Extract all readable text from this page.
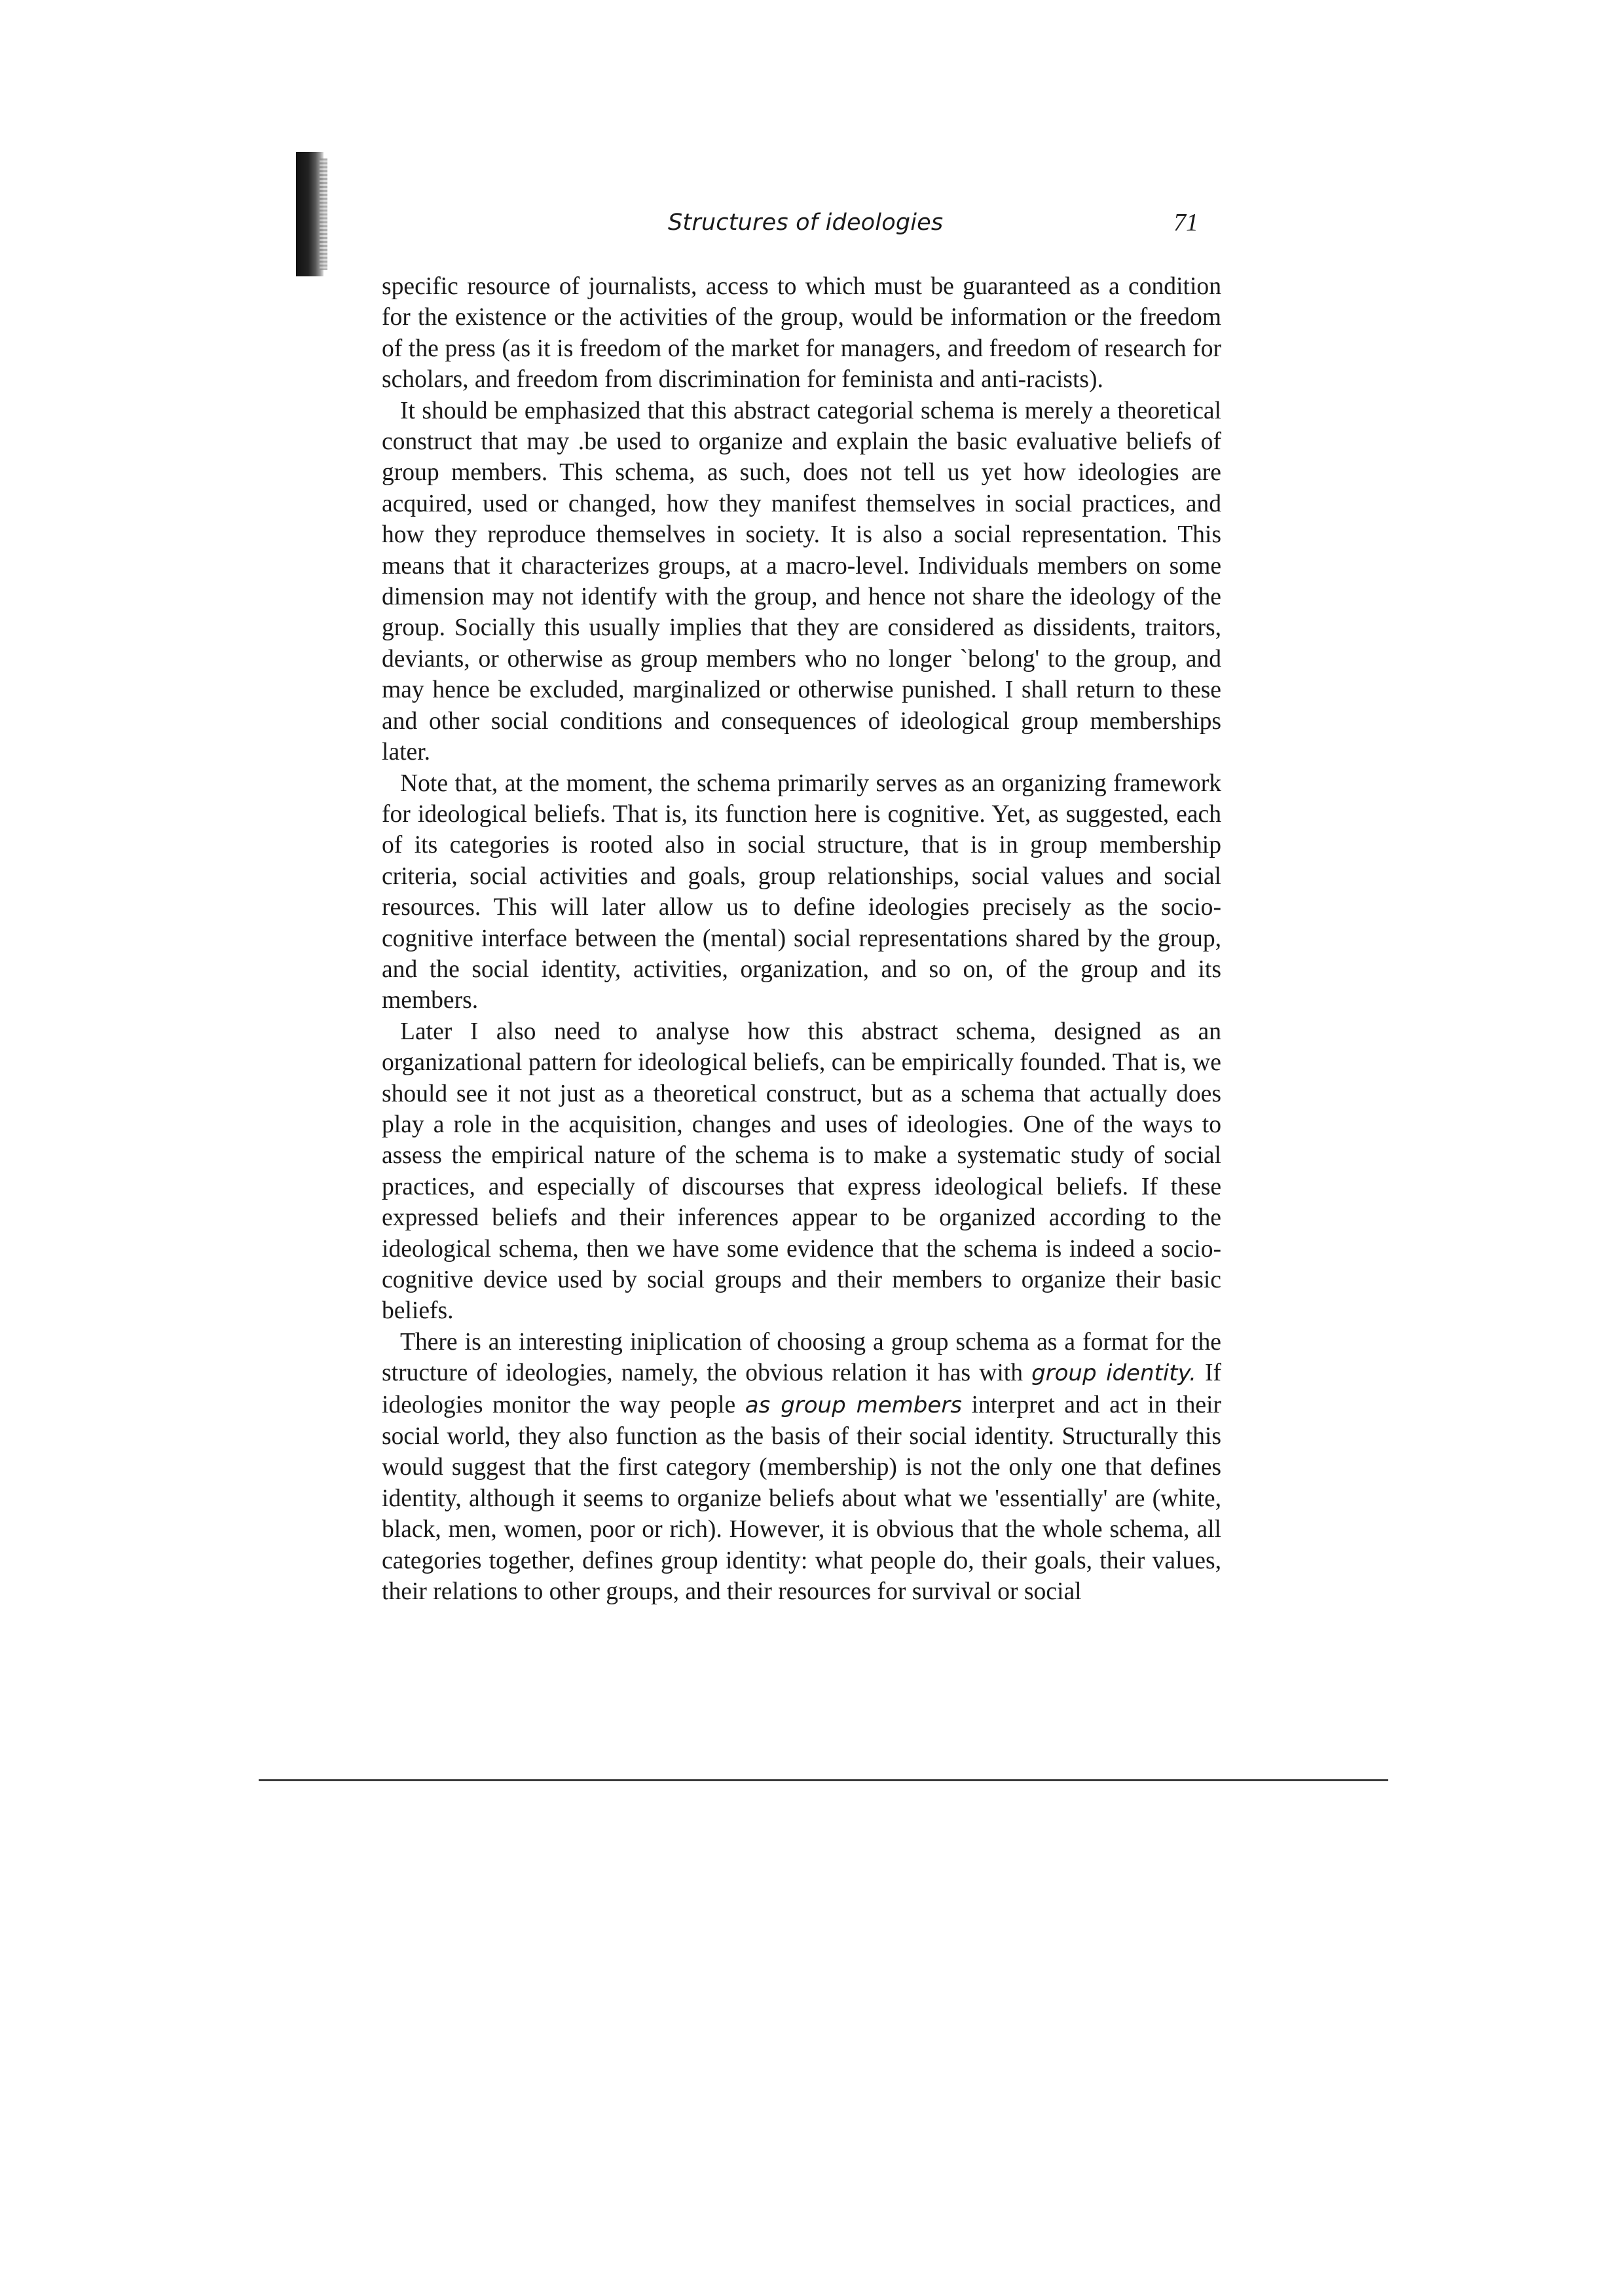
Structures of ideologies	71

specific resource of journalists, access to which must be guaranteed as a condition for the existence or the activities of the group, would be information or the freedom of the press (as it is freedom of the market for managers, and freedom of research for scholars, and freedom from discrimination for feminista and anti-racists).

It should be emphasized that this abstract categorial schema is merely a theoretical construct that may .be used to organize and explain the basic evaluative beliefs of group members. This schema, as such, does not tell us yet how ideologies are acquired, used or changed, how they manifest themselves in social practices, and how they reproduce themselves in society. It is also a social representation. This means that it characterizes groups, at a macro-level. Individuals members on some dimension may not identify with the group, and hence not share the ideology of the group. Socially this usually implies that they are considered as dissidents, traitors, deviants, or otherwise as group members who no longer `belong' to the group, and may hence be excluded, marginalized or otherwise punished. I shall return to these and other social conditions and consequences of ideological group memberships later.

Note that, at the moment, the schema primarily serves as an organizing framework for ideological beliefs. That is, its function here is cognitive. Yet, as suggested, each of its categories is rooted also in social structure, that is in group membership criteria, social activities and goals, group relationships, social values and social resources. This will later allow us to define ideologies precisely as the socio-cognitive interface between the (mental) social representations shared by the group, and the social identity, activities, organization, and so on, of the group and its members.

Later I also need to analyse how this abstract schema, designed as an organizational pattern for ideological beliefs, can be empirically founded. That is, we should see it not just as a theoretical construct, but as a schema that actually does play a role in the acquisition, changes and uses of ideologies. One of the ways to assess the empirical nature of the schema is to make a systematic study of social practices, and especially of discourses that express ideological beliefs. If these expressed beliefs and their inferences appear to be organized according to the ideological schema, then we have some evidence that the schema is indeed a socio-cognitive device used by social groups and their members to organize their basic beliefs.

There is an interesting iniplication of choosing a group schema as a format for the structure of ideologies, namely, the obvious relation it has with group identity. If ideologies monitor the way people as group members interpret and act in their social world, they also function as the basis of their social identity. Structurally this would suggest that the first category (membership) is not the only one that defines identity, although it seems to organize beliefs about what we 'essentially' are (white, black, men, women, poor or rich). However, it is obvious that the whole schema, all categories together, defines group identity: what people do, their goals, their values, their relations to other groups, and their resources for survival or social
